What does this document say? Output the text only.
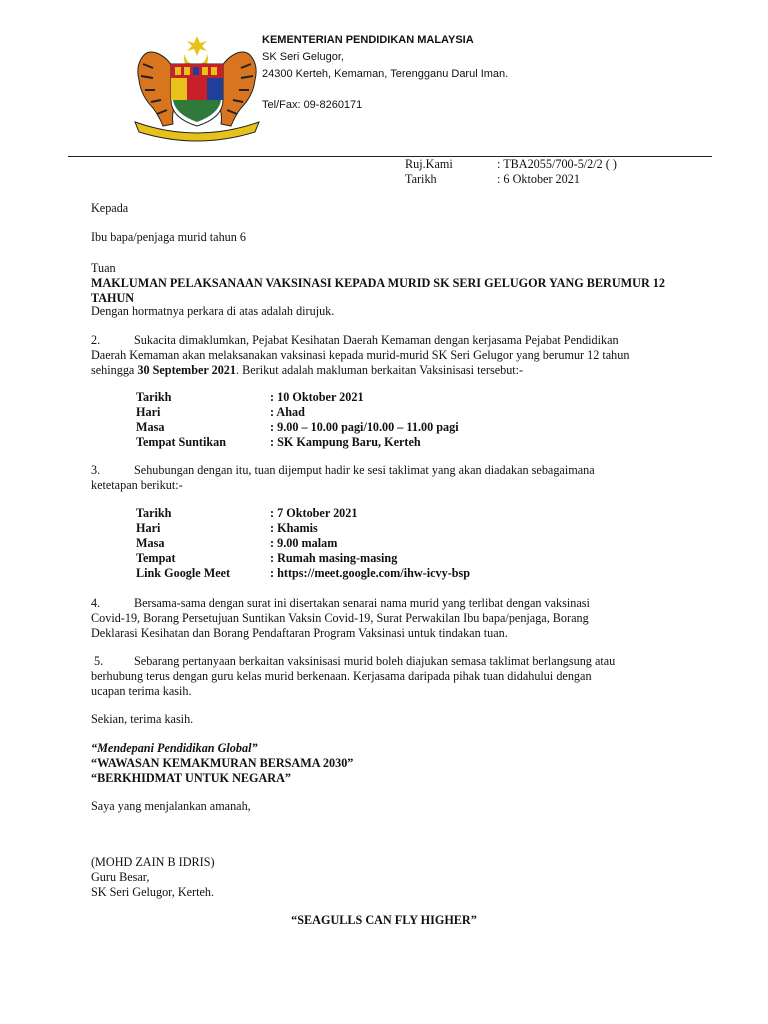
KEMENTERIAN PENDIDIKAN MALAYSIA
SK Seri Gelugor,
24300 Kerteh, Kemaman, Terengganu Darul Iman.
Tel/Fax: 09-8260171
Ruj.Kami	: TBA2055/700-5/2/2 ( )
Tarikh	: 6 Oktober 2021
Kepada
Ibu bapa/penjaga murid tahun 6
Tuan
MAKLUMAN PELAKSANAAN VAKSINASI KEPADA MURID SK SERI GELUGOR YANG BERUMUR 12 TAHUN
Dengan hormatnya perkara di atas adalah dirujuk.
2.	Sukacita dimaklumkan, Pejabat Kesihatan Daerah Kemaman dengan kerjasama Pejabat Pendidikan
Daerah Kemaman akan melaksanakan vaksinasi kepada murid-murid SK Seri Gelugor yang berumur 12 tahun
sehingga 30 September 2021. Berikut adalah makluman berkaitan Vaksinisasi tersebut:-
Tarikh	: 10 Oktober 2021
Hari	: Ahad
Masa	: 9.00 – 10.00 pagi/10.00 – 11.00 pagi
Tempat Suntikan	: SK Kampung Baru, Kerteh
3.	Sehubungan dengan itu, tuan dijemput hadir ke sesi taklimat yang akan diadakan sebagaimana
ketetapan berikut:-
Tarikh	: 7 Oktober 2021
Hari	: Khamis
Masa	: 9.00 malam
Tempat	: Rumah masing-masing
Link Google Meet	: https://meet.google.com/ihw-icvy-bsp
4.	Bersama-sama dengan surat ini disertakan senarai nama murid yang terlibat dengan vaksinasi
Covid-19, Borang Persetujuan Suntikan Vaksin Covid-19, Surat Perwakilan Ibu bapa/penjaga, Borang
Deklarasi Kesihatan dan Borang Pendaftaran Program Vaksinasi untuk tindakan tuan.
5.	Sebarang pertanyaan berkaitan vaksinisasi murid boleh diajukan semasa taklimat berlangsung atau
berhubung terus dengan guru kelas murid berkenaan. Kerjasama daripada pihak tuan didahului dengan
ucapan terima kasih.
Sekian, terima kasih.
“Mendepani Pendidikan Global”
“WAWASAN KEMAKMURAN BERSAMA 2030”
“BERKHIDMAT UNTUK NEGARA”
Saya yang menjalankan amanah,
(MOHD ZAIN B IDRIS)
Guru Besar,
SK Seri Gelugor, Kerteh.
“SEAGULLS CAN FLY HIGHER”
